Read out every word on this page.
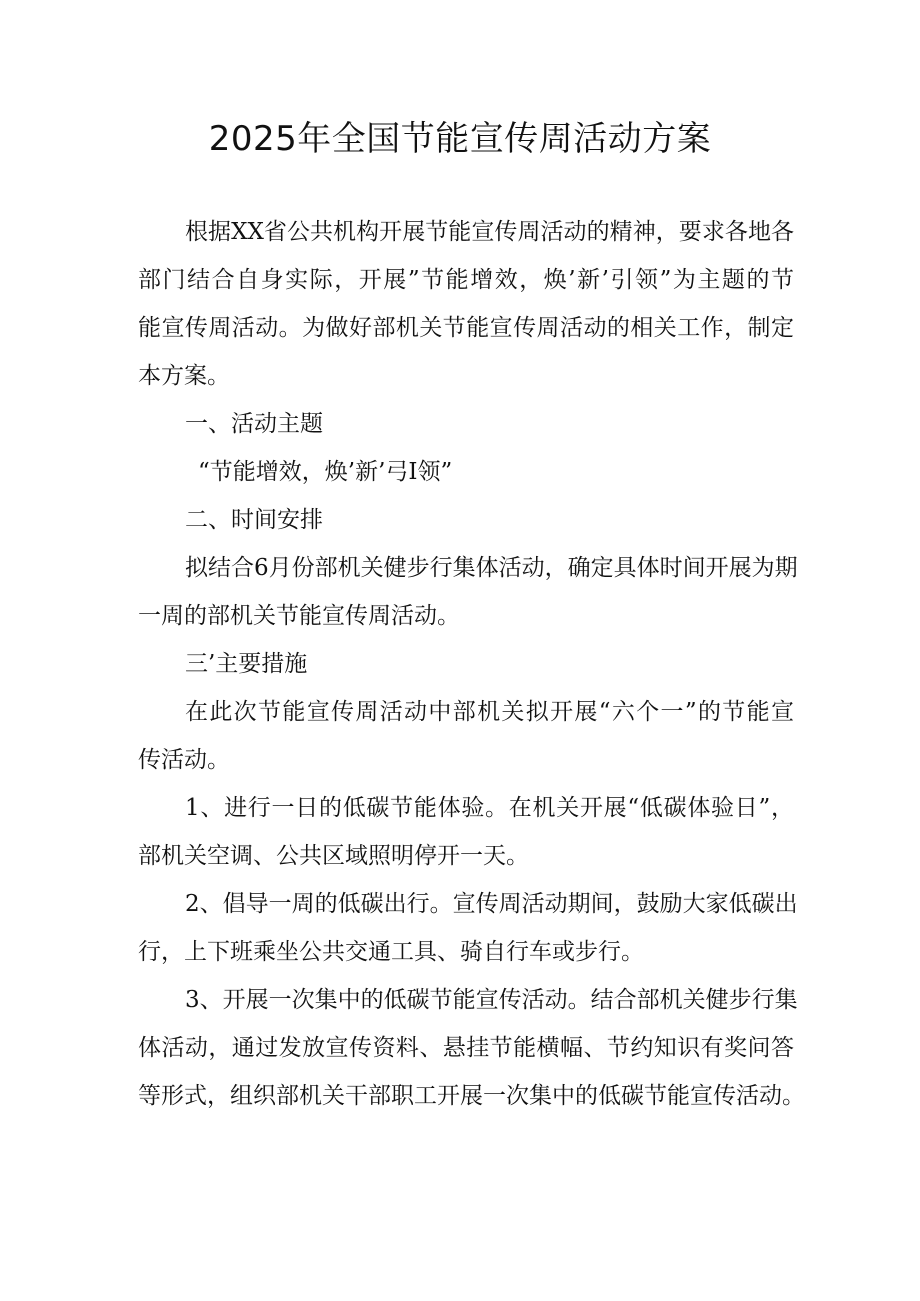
2025年全国节能宣传周活动方案
根据XX省公共机构开展节能宣传周活动的精神，要求各地各
部门结合自身实际，开展”节能增效，焕’新’引领”为主题的节
能宣传周活动。为做好部机关节能宣传周活动的相关工作，制定
本方案。
一、活动主题
“节能增效，焕’新’弓I领”
二、时间安排
拟结合6月份部机关健步行集体活动，确定具体时间开展为期
一周的部机关节能宣传周活动。
三’主要措施
在此次节能宣传周活动中部机关拟开展“六个一”的节能宣
传活动。
1、进行一日的低碳节能体验。在机关开展“低碳体验日”，
部机关空调、公共区域照明停开一天。
2、倡导一周的低碳出行。宣传周活动期间，鼓励大家低碳出
行，上下班乘坐公共交通工具、骑自行车或步行。
3、开展一次集中的低碳节能宣传活动。结合部机关健步行集
体活动，通过发放宣传资料、悬挂节能横幅、节约知识有奖问答
等形式，组织部机关干部职工开展一次集中的低碳节能宣传活动。
